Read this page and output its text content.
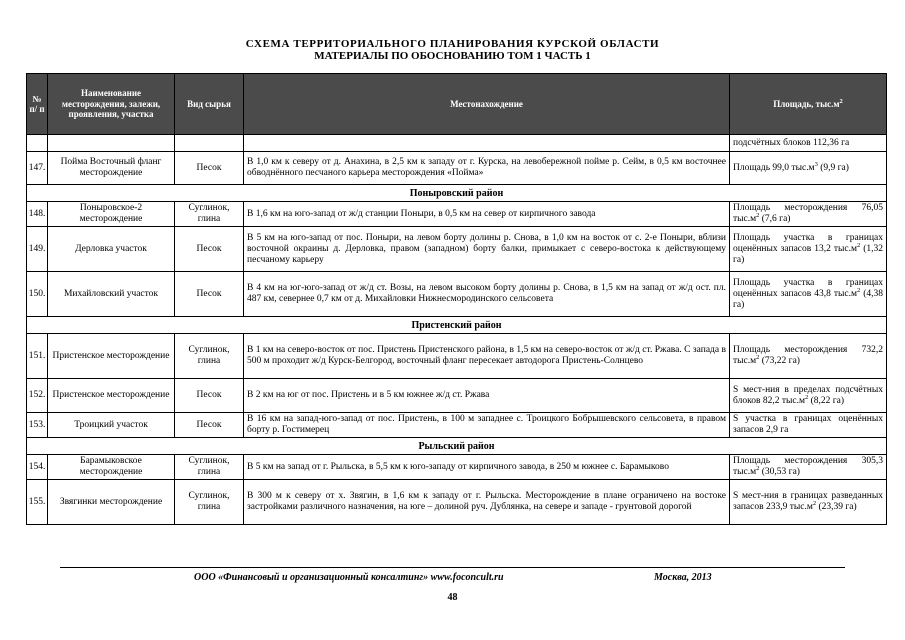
СХЕМА ТЕРРИТОРИАЛЬНОГО ПЛАНИРОВАНИЯ КУРСКОЙ ОБЛАСТИ
МАТЕРИАЛЫ ПО ОБОСНОВАНИЮ ТОМ 1 ЧАСТЬ 1
№ п/ п	Наименование месторождения, залежи, проявления, участка	Вид сырья	Местонахождение	Площадь, $тыс.м^2$
				подсчётных блоков 112,36 га
147.	Пойма Восточный фланг месторождение	Песок	В 1,0 км к северу от д. Анахина, в 2,5 км к западу от г. Курска, на левобережной пойме р. Сейм, в 0,5 км восточнее обводнённого песчаного карьера месторождения «Пойма»	Площадь 99,0 $тыс.м^3$ (9,9 га)
Поныровский район				
148.	Поныровское-2 месторождение	Суглинок, глина	В 1,6 км на юго-запад от ж/д станции Поныри, в 0,5 км на север от кирпичного завода	Площадь месторождения 76,05 $тыс.м^2$ (7,6 га)
149.	Дерловка участок	Песок	В 5 км на юго-запад от пос. Поныри, на левом борту долины р. Снова, в 1,0 км на восток от с. 2-е Поныри, вблизи восточной окраины д. Дерловка, правом (западном) борту балки, примыкает с северо-востока к действующему песчаному карьеру	Площадь участка в границах оценённых запасов 13,2 $тыс.м^2$ (1,32 га)
150.	Михайловский участок	Песок	В 4 км на юг-юго-запад от ж/д ст. Возы, на левом высоком борту долины р. Снова, в 1,5 км на запад от ж/д ост. пл. 487 км, севернее 0,7 км от д. Михайловки Нижнесмородинского сельсовета	Площадь участка в границах оценённых запасов 43,8 $тыс.м^2$ (4,38 га)
Пристенский район				
151.	Пристенское месторождение	Суглинок, глина	В 1 км на северо-восток от пос. Пристень Пристенского района, в 1,5 км на северо-восток от ж/д ст. Ржава. С запада в 500 м проходит ж/д Курск-Белгород, восточный фланг пересекает автодорога Пристень-Солнцево	Площадь месторождения 732,2 $тыс.м^2$ (73,22 га)
152.	Пристенское месторождение	Песок	В 2 км на юг от пос. Пристень и в 5 км южнее ж/д ст. Ржава	S мест-ния в пределах подсчётных блоков 82,2 $тыс.м^2$ (8,22 га)
153.	Троицкий участок	Песок	В 16 км на запад-юго-запад от пос. Пристень, в 100 м западнее с. Троицкого Бобрышевского сельсовета, в правом борту р. Гостимерец	S участка в границах оценённых запасов 2,9 га
Рыльский район				
154.	Барамыковское месторождение	Суглинок, глина	В 5 км на запад от г. Рыльска, в 5,5 км к юго-западу от кирпичного завода, в 250 м южнее с. Барамыково	Площадь месторождения 305,3 $тыс.м^2$ (30,53 га)
155.	Звягинки месторождение	Суглинок, глина	В 300 м к северу от х. Звягин, в 1,6 км к западу от г. Рыльска. Месторождение в плане ограничено на востоке застройками различного назначения, на юге – долиной руч. Дублянка, на севере и западе - грунтовой дорогой	S мест-ния в границах разведанных запасов 233,9 $тыс.м^2$ (23,39 га)
ООО «Финансовый и организационный консалтинг» www.foconcult.ru	Москва, 2013
48
